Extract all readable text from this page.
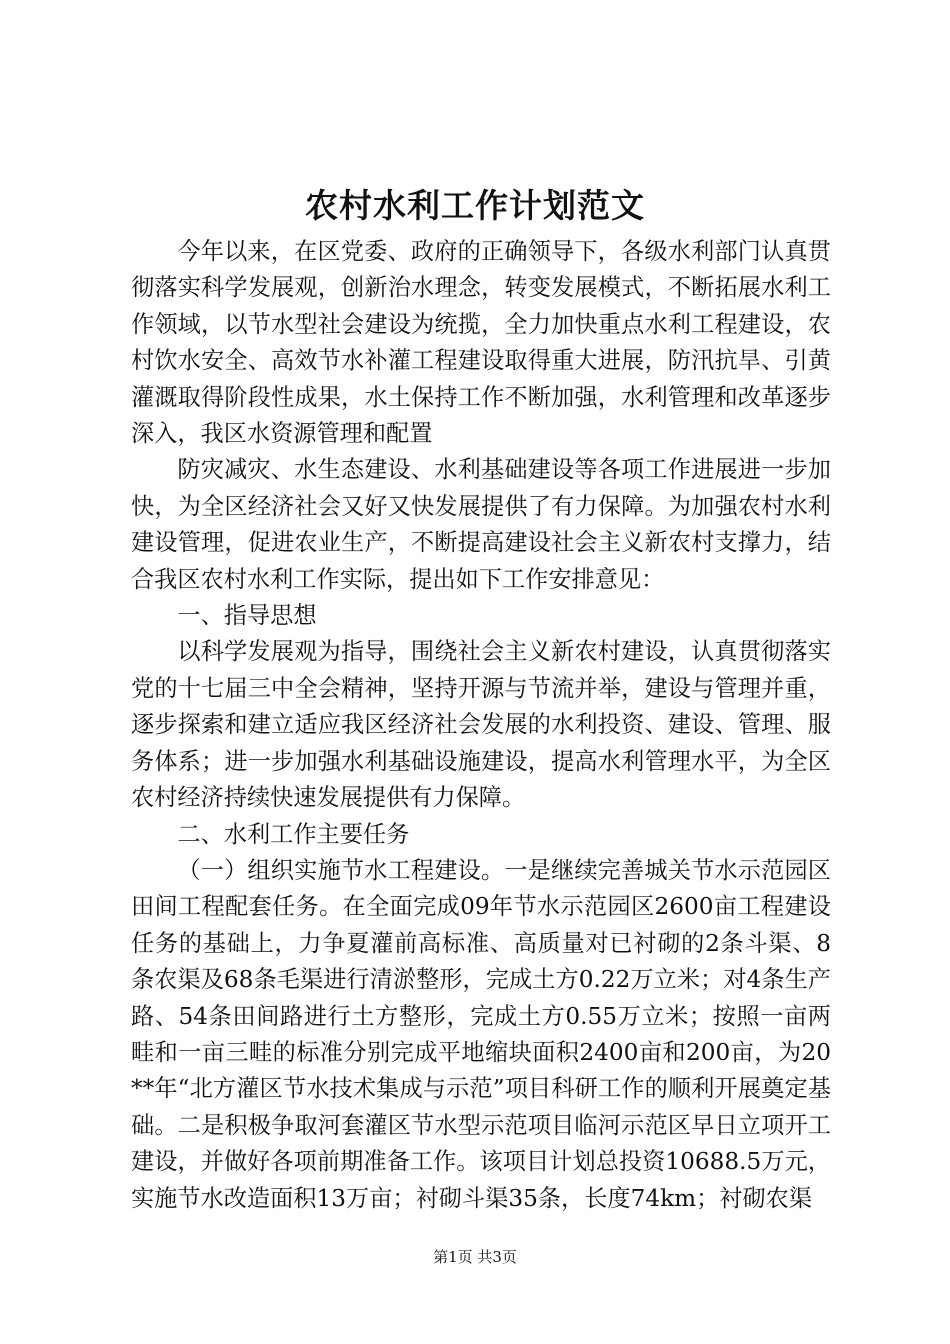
农村水利工作计划范文

今年以来，在区党委、政府的正确领导下，各级水利部门认真贯彻落实科学发展观，创新治水理念，转变发展模式，不断拓展水利工作领域，以节水型社会建设为统揽，全力加快重点水利工程建设，农村饮水安全、高效节水补灌工程建设取得重大进展，防汛抗旱、引黄灌溉取得阶段性成果，水土保持工作不断加强，水利管理和改革逐步深入，我区水资源管理和配置

防灾减灾、水生态建设、水利基础建设等各项工作进展进一步加快，为全区经济社会又好又快发展提供了有力保障。为加强农村水利建设管理，促进农业生产，不断提高建设社会主义新农村支撑力，结合我区农村水利工作实际，提出如下工作安排意见：

一、指导思想

以科学发展观为指导，围绕社会主义新农村建设，认真贯彻落实党的十七届三中全会精神，坚持开源与节流并举，建设与管理并重，逐步探索和建立适应我区经济社会发展的水利投资、建设、管理、服务体系；进一步加强水利基础设施建设，提高水利管理水平，为全区农村经济持续快速发展提供有力保障。

二、水利工作主要任务

（一）组织实施节水工程建设。一是继续完善城关节水示范园区田间工程配套任务。在全面完成09年节水示范园区2600亩工程建设任务的基础上，力争夏灌前高标准、高质量对已衬砌的2条斗渠、8条农渠及68条毛渠进行清淤整形，完成土方0.22万立米；对4条生产路、54条田间路进行土方整形，完成土方0.55万立米；按照一亩两畦和一亩三畦的标准分别完成平地缩块面积2400亩和200亩，为20**年“北方灌区节水技术集成与示范”项目科研工作的顺利开展奠定基础。二是积极争取河套灌区节水型示范项目临河示范区早日立项开工建设，并做好各项前期准备工作。该项目计划总投资10688.5万元，实施节水改造面积13万亩；衬砌斗渠35条，长度74km；衬砌农渠

第1页 共3页
